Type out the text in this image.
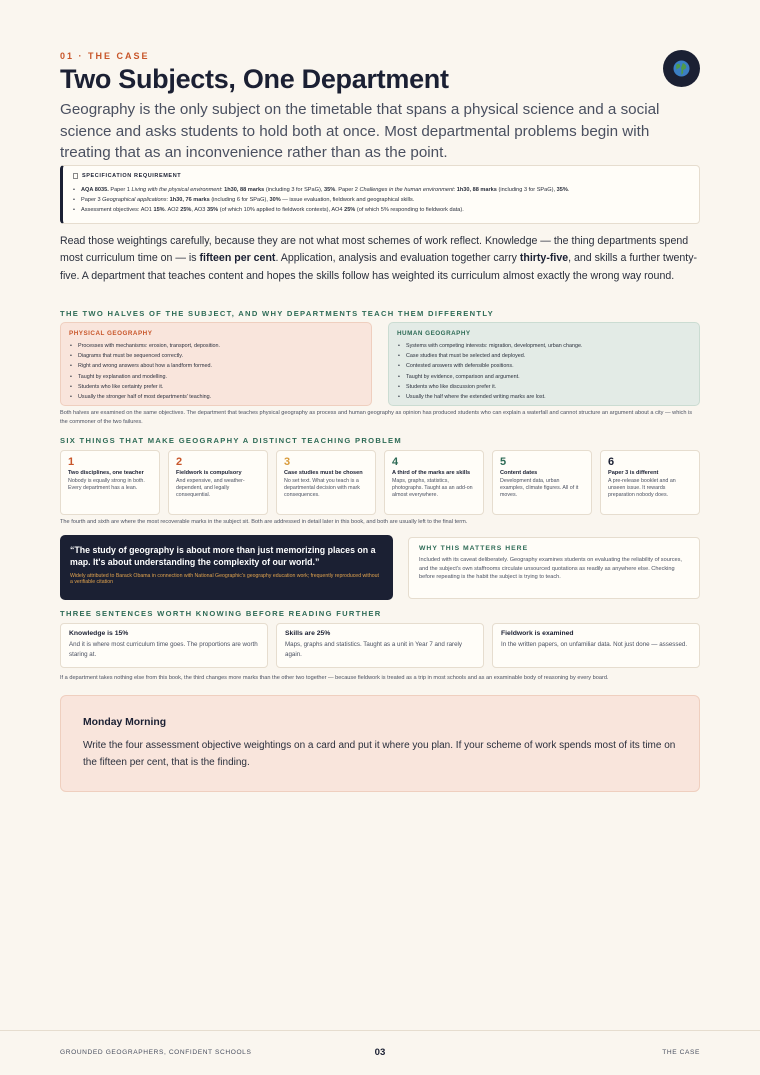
01 · THE CASE
Two Subjects, One Department

Geography is the only subject on the timetable that spans a physical science and a social science and asks students to hold both at once. Most departmental problems begin with treating that as an inconvenience rather than as the point.

SPECIFICATION REQUIREMENT
• AQA 8035. Paper 1 Living with the physical environment: 1h30, 88 marks (including 3 for SPaG), 35%. Paper 2 Challenges in the human environment: 1h30, 88 marks (including 3 for SPaG), 35%.
• Paper 3 Geographical applications: 1h30, 76 marks (including 6 for SPaG), 30% — issue evaluation, fieldwork and geographical skills.
• Assessment objectives: AO1 15%. AO2 25%, AO3 35% (of which 10% applied to fieldwork contexts), AO4 25% (of which 5% responding to fieldwork data).

Read those weightings carefully, because they are not what most schemes of work reflect. Knowledge — the thing departments spend most curriculum time on — is fifteen per cent. Application, analysis and evaluation together carry thirty-five, and skills a further twenty-five. A department that teaches content and hopes the skills follow has weighted its curriculum almost exactly the wrong way round.

THE TWO HALVES OF THE SUBJECT, AND WHY DEPARTMENTS TEACH THEM DIFFERENTLY
PHYSICAL GEOGRAPHY
• Processes with mechanisms: erosion, transport, deposition.
• Diagrams that must be sequenced correctly.
• Right and wrong answers about how a landform formed.
• Taught by explanation and modelling.
• Students who like certainty prefer it.
• Usually the stronger half of most departments' teaching.
HUMAN GEOGRAPHY
• Systems with competing interests: migration, development, urban change.
• Case studies that must be selected and deployed.
• Contested answers with defensible positions.
• Taught by evidence, comparison and argument.
• Students who like discussion prefer it.
• Usually the half where the extended writing marks are lost.

Both halves are examined on the same objectives. The department that teaches physical geography as process and human geography as opinion has produced students who can explain a waterfall and cannot structure an argument about a city — which is the commoner of the two failures.

SIX THINGS THAT MAKE GEOGRAPHY A DISTINCT TEACHING PROBLEM
1
Two disciplines, one teacher
Nobody is equally strong in both. Every department has a lean.
2
Fieldwork is compulsory
And expensive, and weather-dependent, and legally consequential.
3
Case studies must be chosen
No set text. What you teach is a departmental decision with mark consequences.
4
A third of the marks are skills
Maps, graphs, statistics, photographs. Taught as an add-on almost everywhere.
5
Content dates
Development data, urban examples, climate figures. All of it moves.
6
Paper 3 is different
A pre-release booklet and an unseen issue. It rewards preparation nobody does.

The fourth and sixth are where the most recoverable marks in the subject sit. Both are addressed in detail later in this book, and both are usually left to the final term.

“The study of geography is about more than just memorizing places on a map. It's about understanding the complexity of our world.”

Widely attributed to Barack Obama in connection with National Geographic's geography education work; frequently reproduced without a verifiable citation

WHY THIS MATTERS HERE

Included with its caveat deliberately. Geography examines students on evaluating the reliability of sources, and the subject's own staffrooms circulate unsourced quotations as readily as anywhere else. Checking before repeating is the habit the subject is trying to teach.

THREE SENTENCES WORTH KNOWING BEFORE READING FURTHER
Knowledge is 15%
And it is where most curriculum time goes. The proportions are worth staring at.
Skills are 25%
Maps, graphs and statistics. Taught as a unit in Year 7 and rarely again.
Fieldwork is examined
In the written papers, on unfamiliar data. Not just done — assessed.

If a department takes nothing else from this book, the third changes more marks than the other two together — because fieldwork is treated as a trip in most schools and as an examinable body of reasoning by every board.

Monday Morning

Write the four assessment objective weightings on a card and put it where you plan. If your scheme of work spends most of its time on the fifteen per cent, that is the finding.

GROUNDED GEOGRAPHERS, CONFIDENT SCHOOLS	03	THE CASE
